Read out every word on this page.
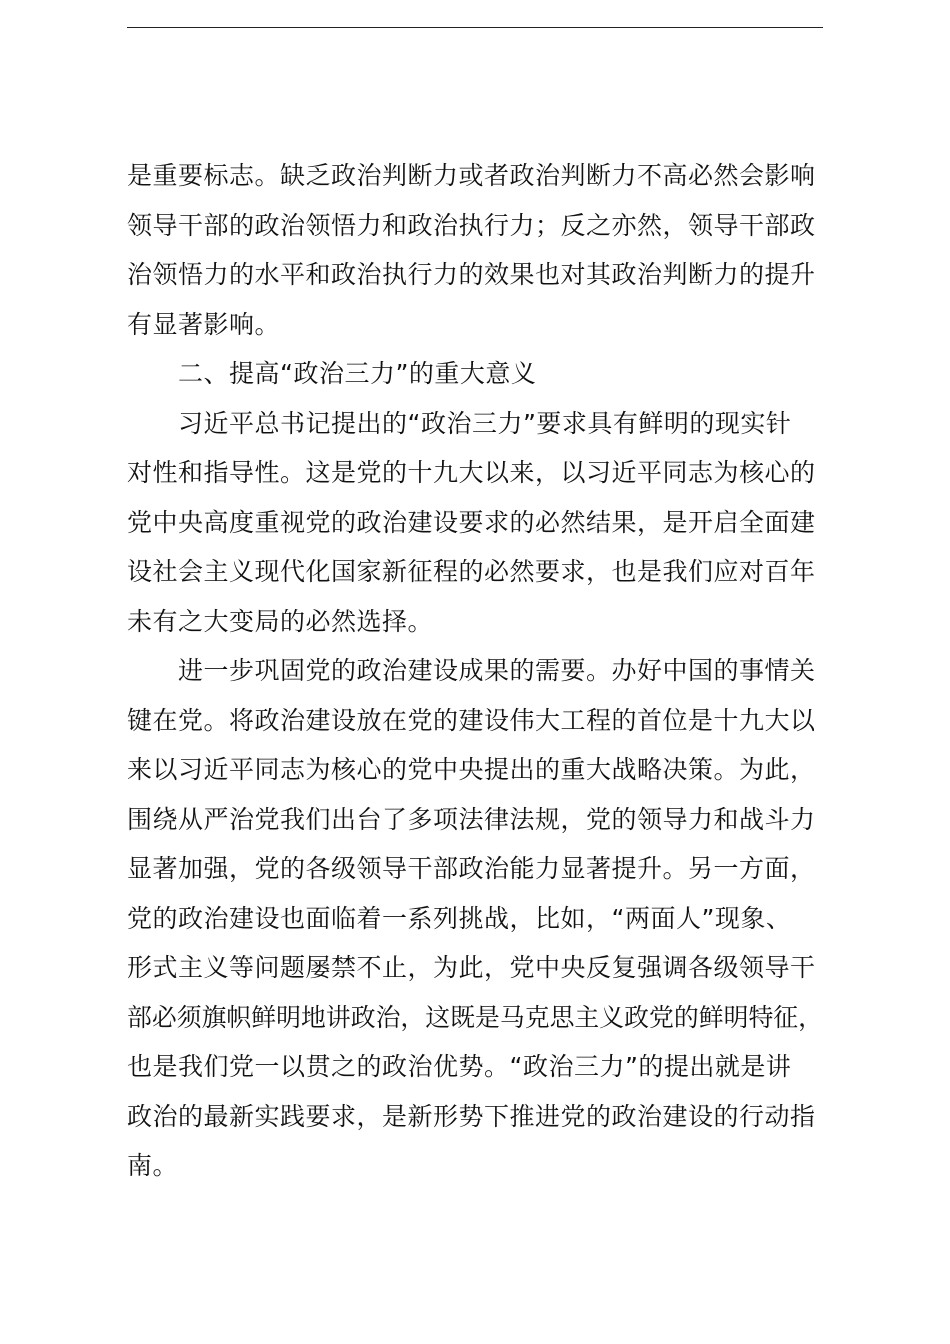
是重要标志。缺乏政治判断力或者政治判断力不高必然会影响
领导干部的政治领悟力和政治执行力；反之亦然，领导干部政
治领悟力的水平和政治执行力的效果也对其政治判断力的提升
有显著影响。
二、提高“政治三力”的重大意义
习近平总书记提出的“政治三力”要求具有鲜明的现实针
对性和指导性。这是党的十九大以来，以习近平同志为核心的
党中央高度重视党的政治建设要求的必然结果，是开启全面建
设社会主义现代化国家新征程的必然要求，也是我们应对百年
未有之大变局的必然选择。
进一步巩固党的政治建设成果的需要。办好中国的事情关
键在党。将政治建设放在党的建设伟大工程的首位是十九大以
来以习近平同志为核心的党中央提出的重大战略决策。为此，
围绕从严治党我们出台了多项法律法规，党的领导力和战斗力
显著加强，党的各级领导干部政治能力显著提升。另一方面，
党的政治建设也面临着一系列挑战，比如，“两面人”现象、
形式主义等问题屡禁不止，为此，党中央反复强调各级领导干
部必须旗帜鲜明地讲政治，这既是马克思主义政党的鲜明特征，
也是我们党一以贯之的政治优势。“政治三力”的提出就是讲
政治的最新实践要求，是新形势下推进党的政治建设的行动指
南。
